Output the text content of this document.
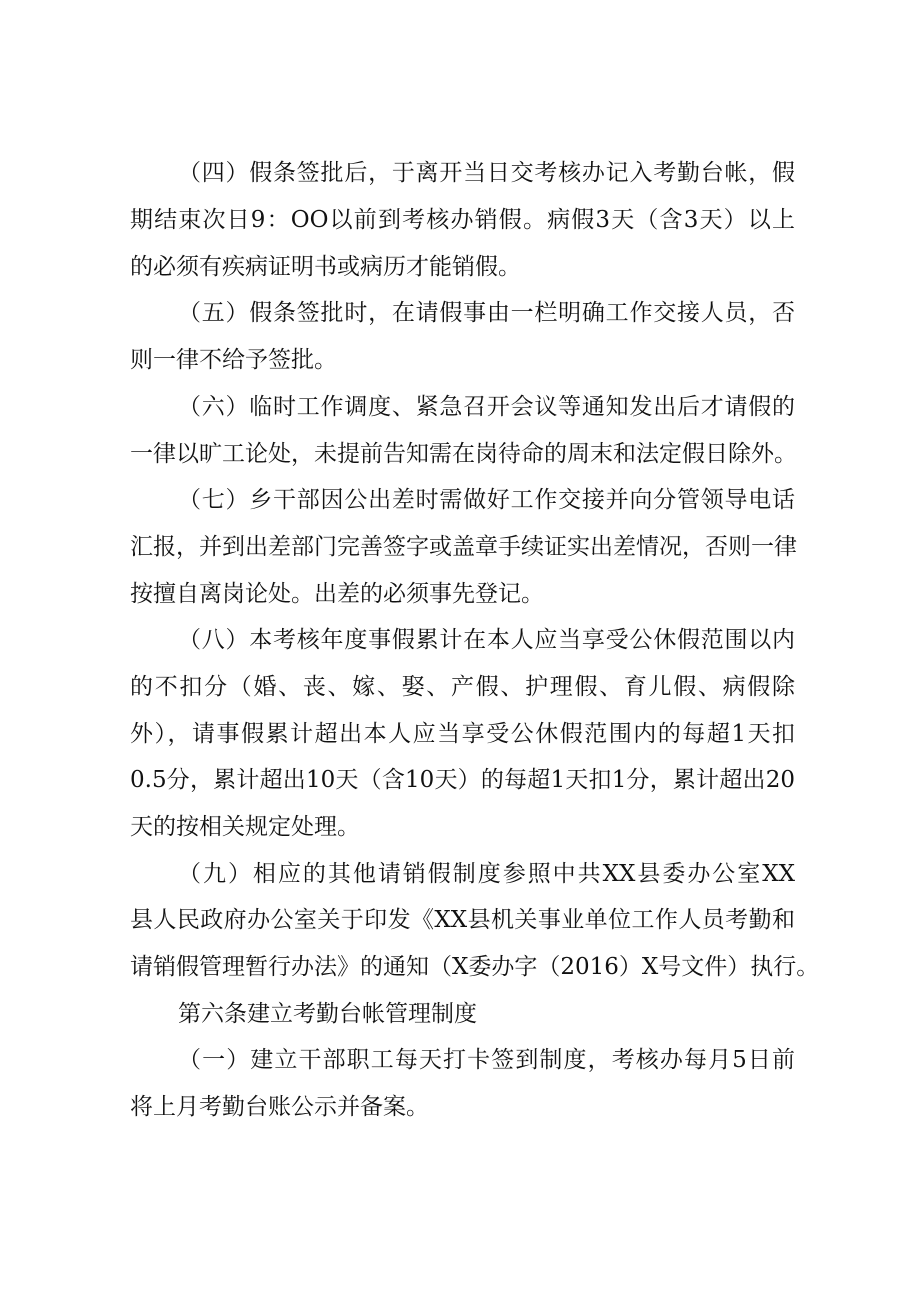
（四）假条签批后，于离开当日交考核办记入考勤台帐，假
期结束次日9：OO以前到考核办销假。病假3天（含3天）以上
的必须有疾病证明书或病历才能销假。
（五）假条签批时，在请假事由一栏明确工作交接人员，否
则一律不给予签批。
（六）临时工作调度、紧急召开会议等通知发出后才请假的
一律以旷工论处，未提前告知需在岗待命的周末和法定假日除外。
（七）乡干部因公出差时需做好工作交接并向分管领导电话
汇报，并到出差部门完善签字或盖章手续证实出差情况，否则一律
按擅自离岗论处。出差的必须事先登记。
（八）本考核年度事假累计在本人应当享受公休假范围以内
的不扣分（婚、丧、嫁、娶、产假、护理假、育儿假、病假除
外），请事假累计超出本人应当享受公休假范围内的每超1天扣
0.5分，累计超出10天（含10天）的每超1天扣1分，累计超出20
天的按相关规定处理。
（九）相应的其他请销假制度参照中共XX县委办公室XX
县人民政府办公室关于印发《XX县机关事业单位工作人员考勤和
请销假管理暂行办法》的通知（X委办字（2016）X号文件）执行。
第六条建立考勤台帐管理制度
（一）建立干部职工每天打卡签到制度，考核办每月5日前
将上月考勤台账公示并备案。
